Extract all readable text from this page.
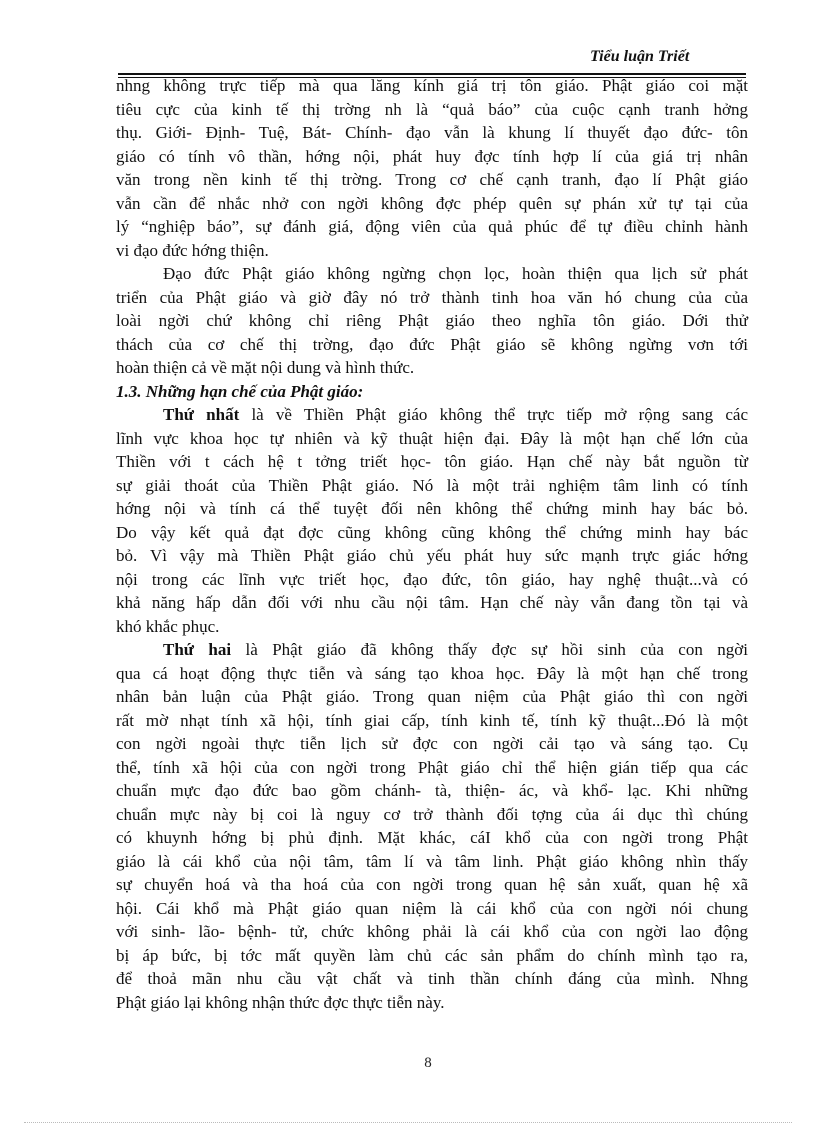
Tiểu luận Triết
nhng không trực tiếp mà qua lăng kính giá trị tôn giáo. Phật giáo coi mặt
tiêu cực của kinh tế thị trờng nh là “quả báo” của cuộc cạnh tranh hởng
thụ. Giới- Định- Tuệ, Bát- Chính- đạo vẫn là khung lí thuyết đạo đức- tôn
giáo có tính vô thần, hớng nội, phát huy đợc tính hợp lí của giá trị nhân
văn trong nền kinh tế thị trờng. Trong cơ chế cạnh tranh, đạo lí Phật giáo
vẫn cần để nhắc nhở con ngời không đợc phép quên sự phán xử tự tại của
lý “nghiệp báo”, sự đánh giá, động viên của quả phúc để tự điều chỉnh hành
vi đạo đức hớng thiện.
Đạo đức Phật giáo không ngừng chọn lọc, hoàn thiện qua lịch sử phát
triển của Phật giáo và giờ đây nó trở thành tinh hoa văn hó chung của của
loài ngời chứ không chỉ riêng Phật giáo theo nghĩa tôn giáo. Dới thử
thách của cơ chế thị trờng, đạo đức Phật giáo sẽ không ngừng vơn tới
hoàn thiện cả về mặt nội dung và hình thức.
1.3. Những hạn chế của Phật giáo:
Thứ nhất là về Thiền Phật giáo không thể trực tiếp mở rộng sang các
lĩnh vực khoa học tự nhiên và kỹ thuật hiện đại. Đây là một hạn chế lớn của
Thiền với t cách hệ t tởng triết học- tôn giáo. Hạn chế này bắt nguồn từ
sự giải thoát của Thiền Phật giáo. Nó là một trải nghiệm tâm linh có tính
hớng nội và tính cá thể tuyệt đối nên không thể chứng minh hay bác bỏ.
Do vậy kết quả đạt đợc cũng không cũng không thể chứng minh hay bác
bỏ. Vì vậy mà Thiền Phật giáo chủ yếu phát huy sức mạnh trực giác hớng
nội trong các lĩnh vực triết học, đạo đức, tôn giáo, hay nghệ thuật...và có
khả năng hấp dẫn đối với nhu cầu nội tâm. Hạn chế này vẫn đang tồn tại và
khó khắc phục.
Thứ hai là Phật giáo đã không thấy đợc sự hồi sinh của con ngời
qua cá hoạt động thực tiễn và sáng tạo khoa học. Đây là một hạn chế trong
nhân bản luận của Phật giáo. Trong quan niệm của Phật giáo thì con ngời
rất mờ nhạt tính xã hội, tính giai cấp, tính kinh tế, tính kỹ thuật...Đó là một
con ngời ngoài thực tiễn lịch sử đợc con ngời cải tạo và sáng tạo. Cụ
thể, tính xã hội của con ngời trong Phật giáo chỉ thể hiện gián tiếp qua các
chuẩn mực đạo đức bao gồm chánh- tà, thiện- ác, và khổ- lạc. Khi những
chuẩn mực này bị coi là nguy cơ trở thành đối tợng của ái dục thì chúng
có khuynh hớng bị phủ định. Mặt khác, cáI khổ của con ngời trong Phật
giáo là cái khổ của nội tâm, tâm lí và tâm linh. Phật giáo không nhìn thấy
sự chuyển hoá và tha hoá của con ngời trong quan hệ sản xuất, quan hệ xã
hội. Cái khổ mà Phật giáo quan niệm là cái khổ của con ngời nói chung
với sinh- lão- bệnh- tử, chức không phải là cái khổ của con ngời lao động
bị áp bức, bị tớc mất quyền làm chủ các sản phẩm do chính mình tạo ra,
để thoả mãn nhu cầu vật chất và tinh thần chính đáng của mình. Nhng
Phật giáo lại không nhận thức đợc thực tiễn này.
8
